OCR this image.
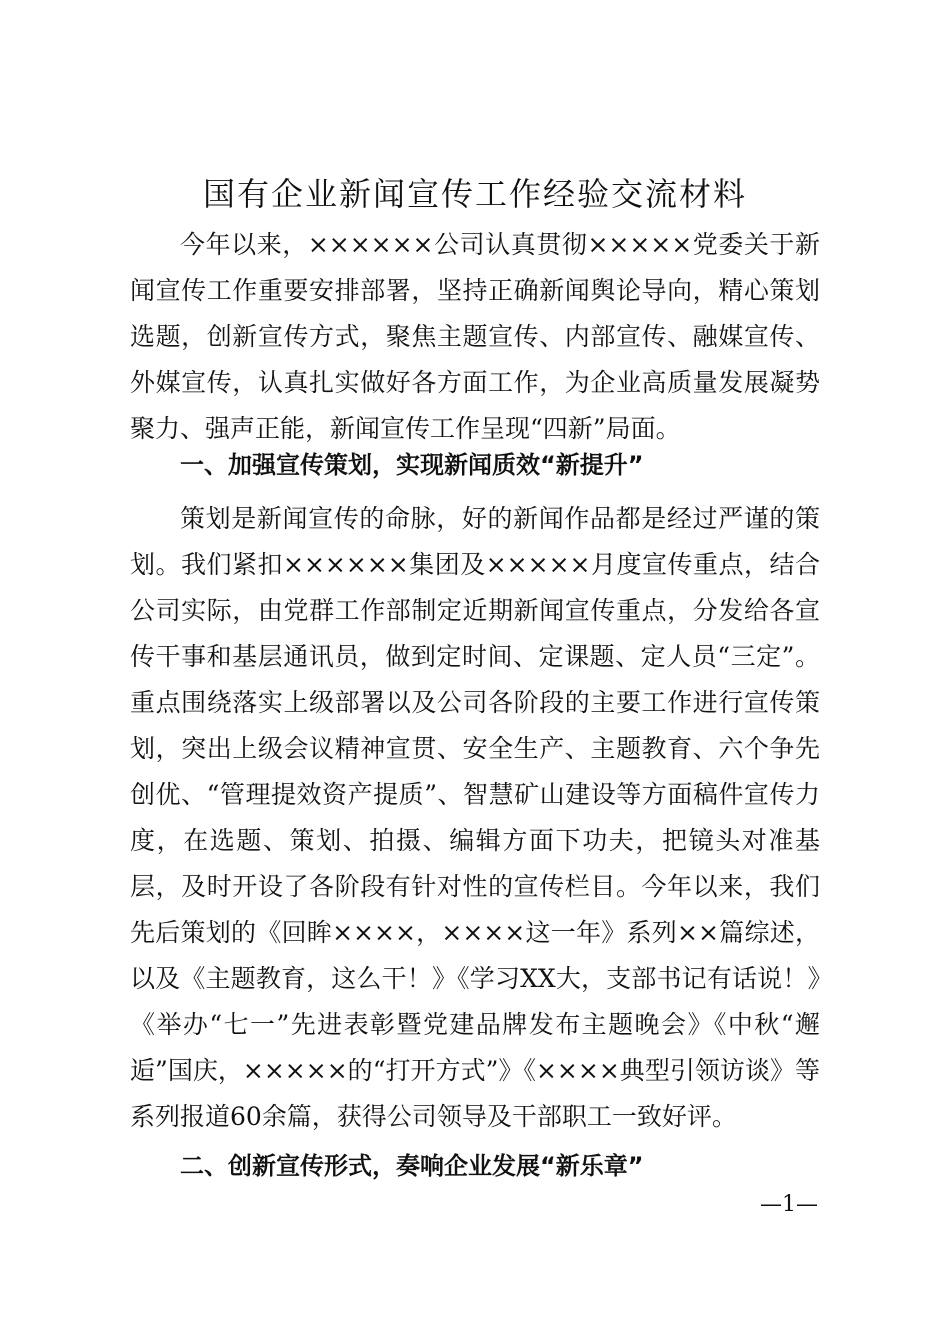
国有企业新闻宣传工作经验交流材料

今年以来，××××××公司认真贯彻×××××党委关于新闻宣传工作重要安排部署，坚持正确新闻舆论导向，精心策划选题，创新宣传方式，聚焦主题宣传、内部宣传、融媒宣传、外媒宣传，认真扎实做好各方面工作，为企业高质量发展凝势聚力、强声正能，新闻宣传工作呈现“四新”局面。

一、加强宣传策划，实现新闻质效“新提升”

策划是新闻宣传的命脉，好的新闻作品都是经过严谨的策划。我们紧扣××××××集团及×××××月度宣传重点，结合公司实际，由党群工作部制定近期新闻宣传重点，分发给各宣传干事和基层通讯员，做到定时间、定课题、定人员“三定”。重点围绕落实上级部署以及公司各阶段的主要工作进行宣传策划，突出上级会议精神宣贯、安全生产、主题教育、六个争先创优、“管理提效资产提质”、智慧矿山建设等方面稿件宣传力度，在选题、策划、拍摄、编辑方面下功夫，把镜头对准基层，及时开设了各阶段有针对性的宣传栏目。今年以来，我们先后策划的《回眸××××，××××这一年》系列××篇综述，以及《主题教育，这么干！》《学习XX大，支部书记有话说！》《举办“七一”先进表彰暨党建品牌发布主题晚会》《中秋“邂逅”国庆，×××××的“打开方式”》《××××典型引领访谈》等系列报道60余篇，获得公司领导及干部职工一致好评。

二、创新宣传形式，奏响企业发展“新乐章”
—1—
